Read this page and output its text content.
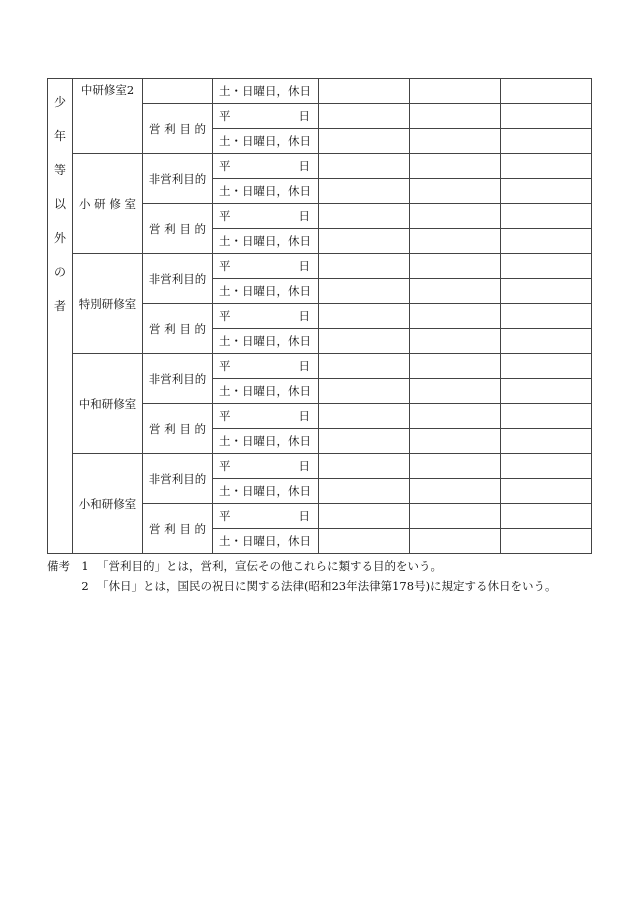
少年等以外の者	中研修室2		土・日曜日，休日			
		営 利 目 的	平 日			

			土・日曜日，休日			
	小 研 修 室	非営利目的	平 日			

			土・日曜日，休日			
		営 利 目 的	平 日			

			土・日曜日，休日			
	特別研修室	非営利目的	平 日			

			土・日曜日，休日			
		営 利 目 的	平 日			

			土・日曜日，休日			
	中和研修室	非営利目的	平 日			

			土・日曜日，休日			
		営 利 目 的	平 日			

			土・日曜日，休日			
	小和研修室	非営利目的	平 日			

			土・日曜日，休日			
		営 利 目 的	平 日			

			土・日曜日，休日			
備考 1 「営利目的」とは，営利，宣伝その他これらに類する目的をいう。
2 「休日」とは，国民の祝日に関する法律(昭和23年法律第178号)に規定する休日をいう。
